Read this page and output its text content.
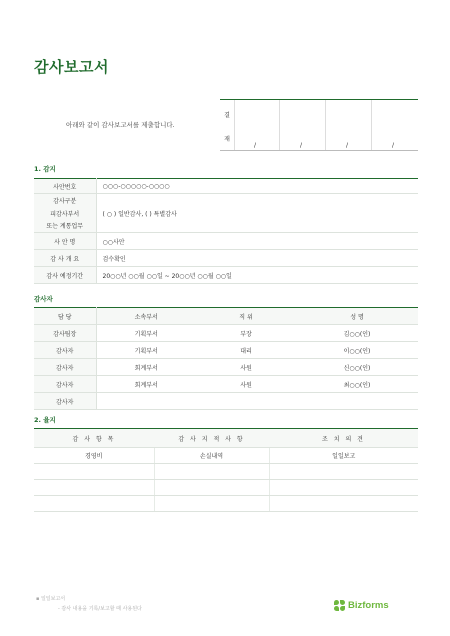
감사보고서
아래와 같이 감사보고서를 제출합니다.
결
재
/	/	/	/
1. 감지
사안번호	○○○-○○○○○-○○○○
감사구분	( ○ ) 일반감사, ( ) 특별감사
피감사부서	
또는 계통업무	
사 안 명	○○사안
감 사 개 요	검수확인
감사 예정기간	20○○년 ○○월 ○○일 ~ 20○○년 ○○월 ○○일
감사자
담 당	소속부서	직 위	성 명
감사팀장	기획부서	부장	김○○(인)
감사자	기획부서	대리	이○○(인)
감사자	회계부서	사원	신○○(인)
감사자	회계부서	사원	최○○(인)
감사자			
2. 율지
감 사 항 목	감 사 지 적 사 항	조 치 의 견
경영비	손실내역	일일보고

▪ 일일보고서
- 감사 내용을 기록/보고할 때 사용된다	Bizforms
